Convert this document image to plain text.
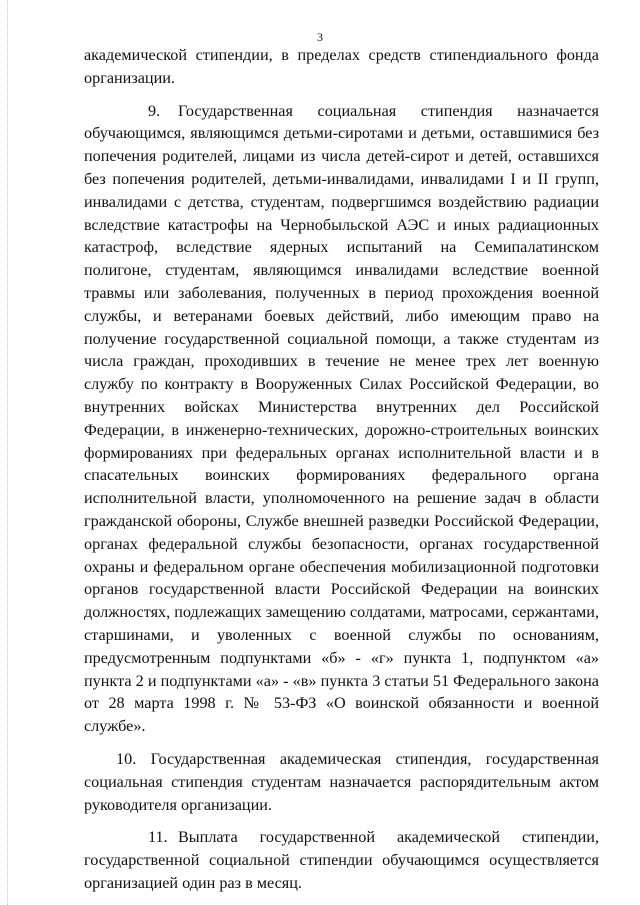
3

академической стипендии, в пределах средств стипендиального фонда организации.

9. Государственная социальная стипендия назначается обучающимся, являющимся детьми-сиротами и детьми, оставшимися без попечения родителей, лицами из числа детей-сирот и детей, оставшихся без попечения родителей, детьми-инвалидами, инвалидами I и II групп, инвалидами с детства, студентам, подвергшимся воздействию радиации вследствие катастрофы на Чернобыльской АЭС и иных радиационных катастроф, вследствие ядерных испытаний на Семипалатинском полигоне, студентам, являющимся инвалидами вследствие военной травмы или заболевания, полученных в период прохождения военной службы, и ветеранами боевых действий, либо имеющим право на получение государственной социальной помощи, а также студентам из числа граждан, проходивших в течение не менее трех лет военную службу по контракту в Вооруженных Силах Российской Федерации, во внутренних войсках Министерства внутренних дел Российской Федерации, в инженерно-технических, дорожно-строительных воинских формированиях при федеральных органах исполнительной власти и в спасательных воинских формированиях федерального органа исполнительной власти, уполномоченного на решение задач в области гражданской обороны, Службе внешней разведки Российской Федерации, органах федеральной службы безопасности, органах государственной охраны и федеральном органе обеспечения мобилизационной подготовки органов государственной власти Российской Федерации на воинских должностях, подлежащих замещению солдатами, матросами, сержантами, старшинами, и уволенных с военной службы по основаниям, предусмотренным подпунктами «б» - «г» пункта 1, подпунктом «а» пункта 2 и подпунктами «а» - «в» пункта 3 статьи 51 Федерального закона от 28 марта 1998 г. № 53-ФЗ «О воинской обязанности и военной службе».

10. Государственная академическая стипендия, государственная социальная стипендия студентам назначается распорядительным актом руководителя организации.

11. Выплата государственной академической стипендии, государственной социальной стипендии обучающимся осуществляется организацией один раз в месяц.
